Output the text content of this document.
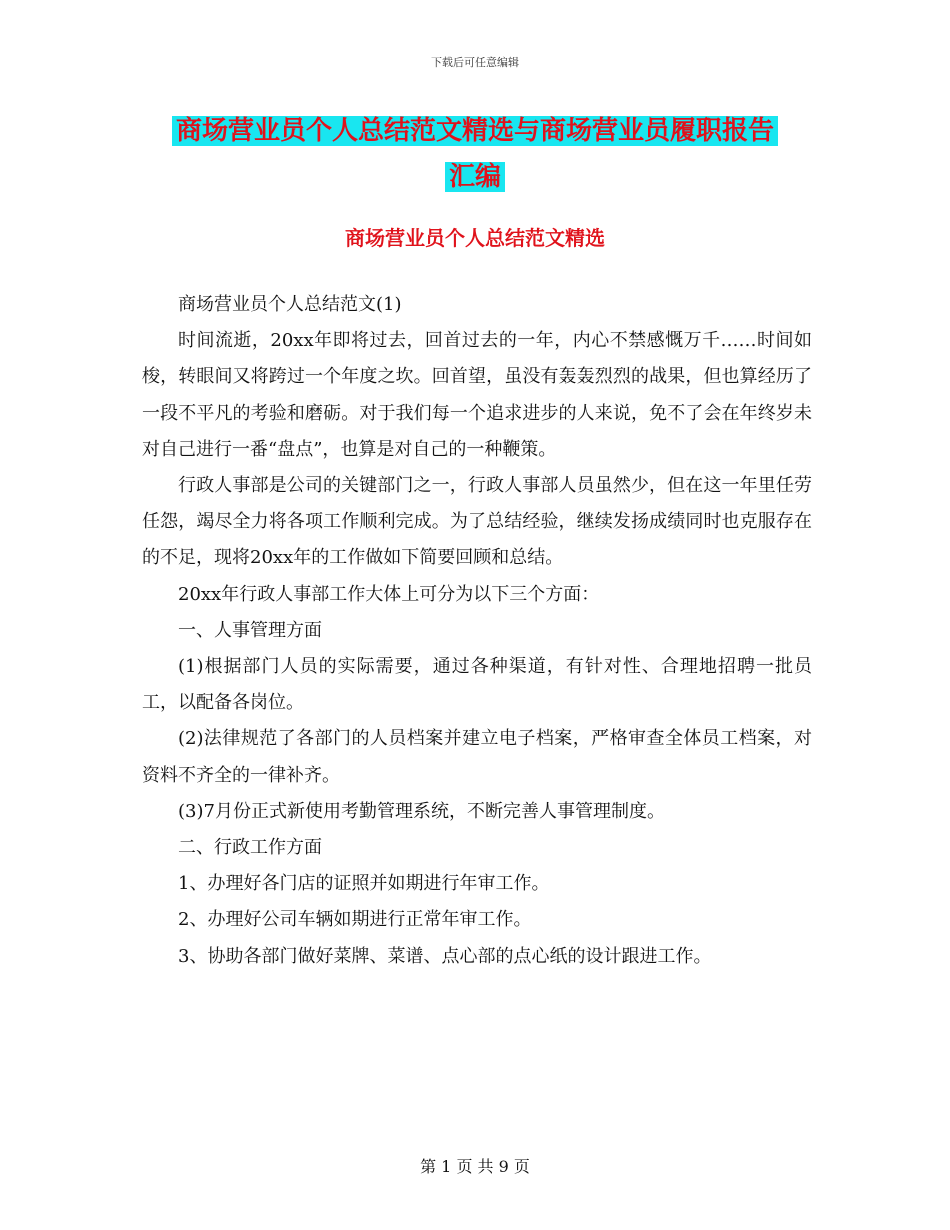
下载后可任意编辑
商场营业员个人总结范文精选与商场营业员履职报告
汇编
商场营业员个人总结范文精选

商场营业员个人总结范文(1)

时间流逝，20xx年即将过去，回首过去的一年，内心不禁感慨万千……时间如梭，转眼间又将跨过一个年度之坎。回首望，虽没有轰轰烈烈的战果，但也算经历了一段不平凡的考验和磨砺。对于我们每一个追求进步的人来说，免不了会在年终岁未对自己进行一番“盘点”，也算是对自己的一种鞭策。

行政人事部是公司的关键部门之一，行政人事部人员虽然少，但在这一年里任劳任怨，竭尽全力将各项工作顺利完成。为了总结经验，继续发扬成绩同时也克服存在的不足，现将20xx年的工作做如下简要回顾和总结。

20xx年行政人事部工作大体上可分为以下三个方面：

一、人事管理方面

(1)根据部门人员的实际需要，通过各种渠道，有针对性、合理地招聘一批员工，以配备各岗位。

(2)法律规范了各部门的人员档案并建立电子档案，严格审查全体员工档案，对资料不齐全的一律补齐。

(3)7月份正式新使用考勤管理系统，不断完善人事管理制度。

二、行政工作方面

1、办理好各门店的证照并如期进行年审工作。

2、办理好公司车辆如期进行正常年审工作。

3、协助各部门做好菜牌、菜谱、点心部的点心纸的设计跟进工作。

第 1 页 共 9 页
